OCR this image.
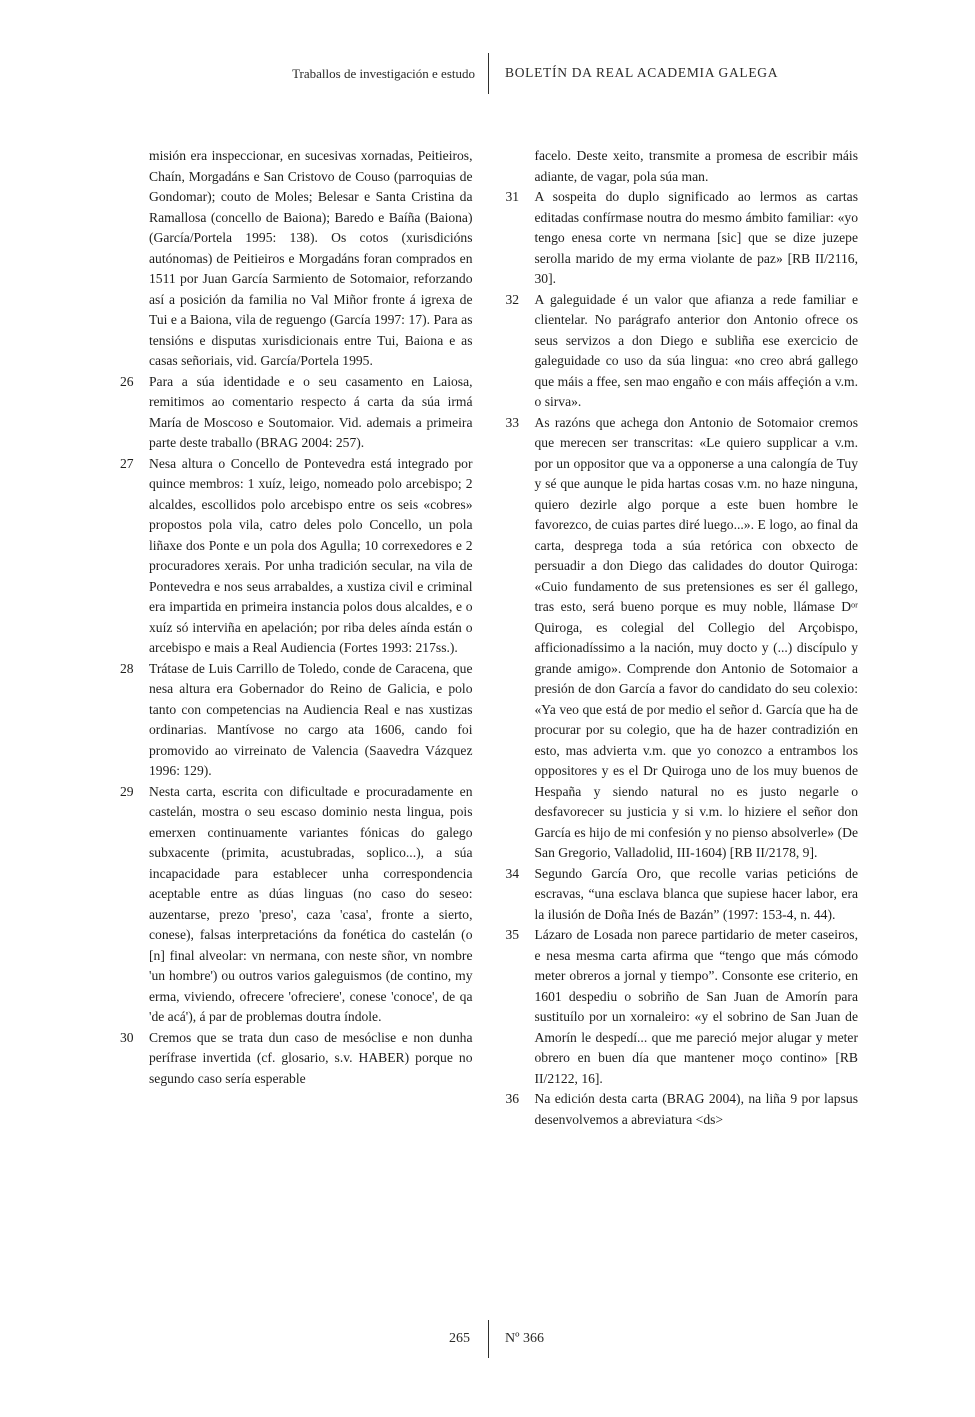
Traballos de investigación e estudo BOLETÍN DA REAL ACADEMIA GALEGA

misión era inspeccionar, en sucesivas xornadas, Peitieiros, Chaín, Morgadáns e San Cristovo de Couso (parroquias de Gondomar); couto de Moles; Belesar e Santa Cristina da Ramallosa (concello de Baiona); Baredo e Baíña (Baiona) (García/Portela 1995: 138). Os cotos (xurisdicións autónomas) de Peitieiros e Morgadáns foran comprados en 1511 por Juan García Sarmiento de Sotomaior, reforzando así a posición da familia no Val Miñor fronte á igrexa de Tui e a Baiona, vila de reguengo (García 1997: 17). Para as tensións e disputas xurisdicionais entre Tui, Baiona e as casas señoriais, vid. García/Portela 1995.

26	Para a súa identidade e o seu casamento en Laiosa, remitimos ao comentario respecto á carta da súa irmá María de Moscoso e Soutomaior. Vid. ademais a primeira parte deste traballo (BRAG 2004: 257).
27	Nesa altura o Concello de Pontevedra está integrado por quince membros: 1 xuíz, leigo, nomeado polo arcebispo; 2 alcaldes, escollidos polo arcebispo entre os seis «cobres» propostos pola vila, catro deles polo Concello, un pola liñaxe dos Ponte e un pola dos Agulla; 10 correxedores e 2 procuradores xerais. Por unha tradición secular, na vila de Pontevedra e nos seus arrabaldes, a xustiza civil e criminal era impartida en primeira instancia polos dous alcaldes, e o xuíz só interviña en apelación; por riba deles aínda están o arcebispo e mais a Real Audiencia (Fortes 1993: 217ss.).
28	Trátase de Luis Carrillo de Toledo, conde de Caracena, que nesa altura era Gobernador do Reino de Galicia, e polo tanto con competencias na Audiencia Real e nas xustizas ordinarias. Mantívose no cargo ata 1606, cando foi promovido ao virreinato de Valencia (Saavedra Vázquez 1996: 129).
29	Nesta carta, escrita con dificultade e procuradamente en castelán, mostra o seu escaso dominio nesta lingua, pois emerxen continuamente variantes fónicas do galego subxacente (primita, acustubradas, soplico...), a súa incapacidade para establecer unha correspondencia aceptable entre as dúas linguas (no caso do seseo: auzentarse, prezo 'preso', caza 'casa', fronte a sierto, conese), falsas interpretacións da fonética do castelán (o [n] final alveolar: vn nermana, con neste sñor, vn nombre 'un hombre') ou outros varios galeguismos (de contino, my erma, viviendo, ofrecere 'ofreciere', conese 'conoce', de qa 'de acá'), á par de problemas doutra índole.
30	Cremos que se trata dun caso de mesóclise e non dunha perífrase invertida (cf. glosario, s.v. HABER) porque no segundo caso sería esperable

facelo. Deste xeito, transmite a promesa de escribir máis adiante, de vagar, pola súa man.

31	A sospeita do duplo significado ao lermos as cartas editadas confírmase noutra do mesmo ámbito familiar: «yo tengo enesa corte vn nermana [sic] que se dize juzepe serolla marido de my erma violante de paz» [RB II/2116, 30].
32	A galeguidade é un valor que afianza a rede familiar e clientelar. No parágrafo anterior don Antonio ofrece os seus servizos a don Diego e subliña ese exercicio de galeguidade co uso da súa lingua: «no creo abrá gallego que máis a ffee, sen mao engaño e con máis affeçión a v.m. o sirva».
33	As razóns que achega don Antonio de Sotomaior cremos que merecen ser transcritas: «Le quiero supplicar a v.m. por un oppositor que va a opponerse a una calongía de Tuy y sé que aunque le pida hartas cosas v.m. no haze ninguna, quiero dezirle algo porque a este buen hombre le favorezco, de cuias partes diré luego...». E logo, ao final da carta, desprega toda a súa retórica con obxecto de persuadir a don Diego das calidades do doutor Quiroga: «Cuio fundamento de sus pretensiones es ser él gallego, tras esto, será bueno porque es muy noble, llámase Dᵒʳ Quiroga, es colegial del Collegio del Arçobispo, afficionadíssimo a la nación, muy docto y (...) discípulo y grande amigo». Comprende don Antonio de Sotomaior a presión de don García a favor do candidato do seu colexio: «Ya veo que está de por medio el señor d. García que ha de procurar por su colegio, que ha de hazer contradizión en esto, mas advierta v.m. que yo conozco a entrambos los oppositores y es el Dr Quiroga uno de los muy buenos de Hespaña y siendo natural no es justo negarle o desfavorecer su justicia y si v.m. lo hiziere el señor don García es hijo de mi confesión y no pienso absolverle» (De San Gregorio, Valladolid, III-1604) [RB II/2178, 9].
34	Segundo García Oro, que recolle varias peticións de escravas, “una esclava blanca que supiese hacer labor, era la ilusión de Doña Inés de Bazán” (1997: 153-4, n. 44).
35	Lázaro de Losada non parece partidario de meter caseiros, e nesa mesma carta afirma que “tengo que más cómodo meter obreros a jornal y tiempo”. Consonte ese criterio, en 1601 despediu o sobriño de San Juan de Amorín para sustituílo por un xornaleiro: «y el sobrino de San Juan de Amorín le despedí... que me pareció mejor alugar y meter obrero en buen día que mantener moço contino» [RB II/2122, 16].
36	Na edición desta carta (BRAG 2004), na liña 9 por lapsus desenvolvemos a abreviatura <ds>
265	Nº 366
